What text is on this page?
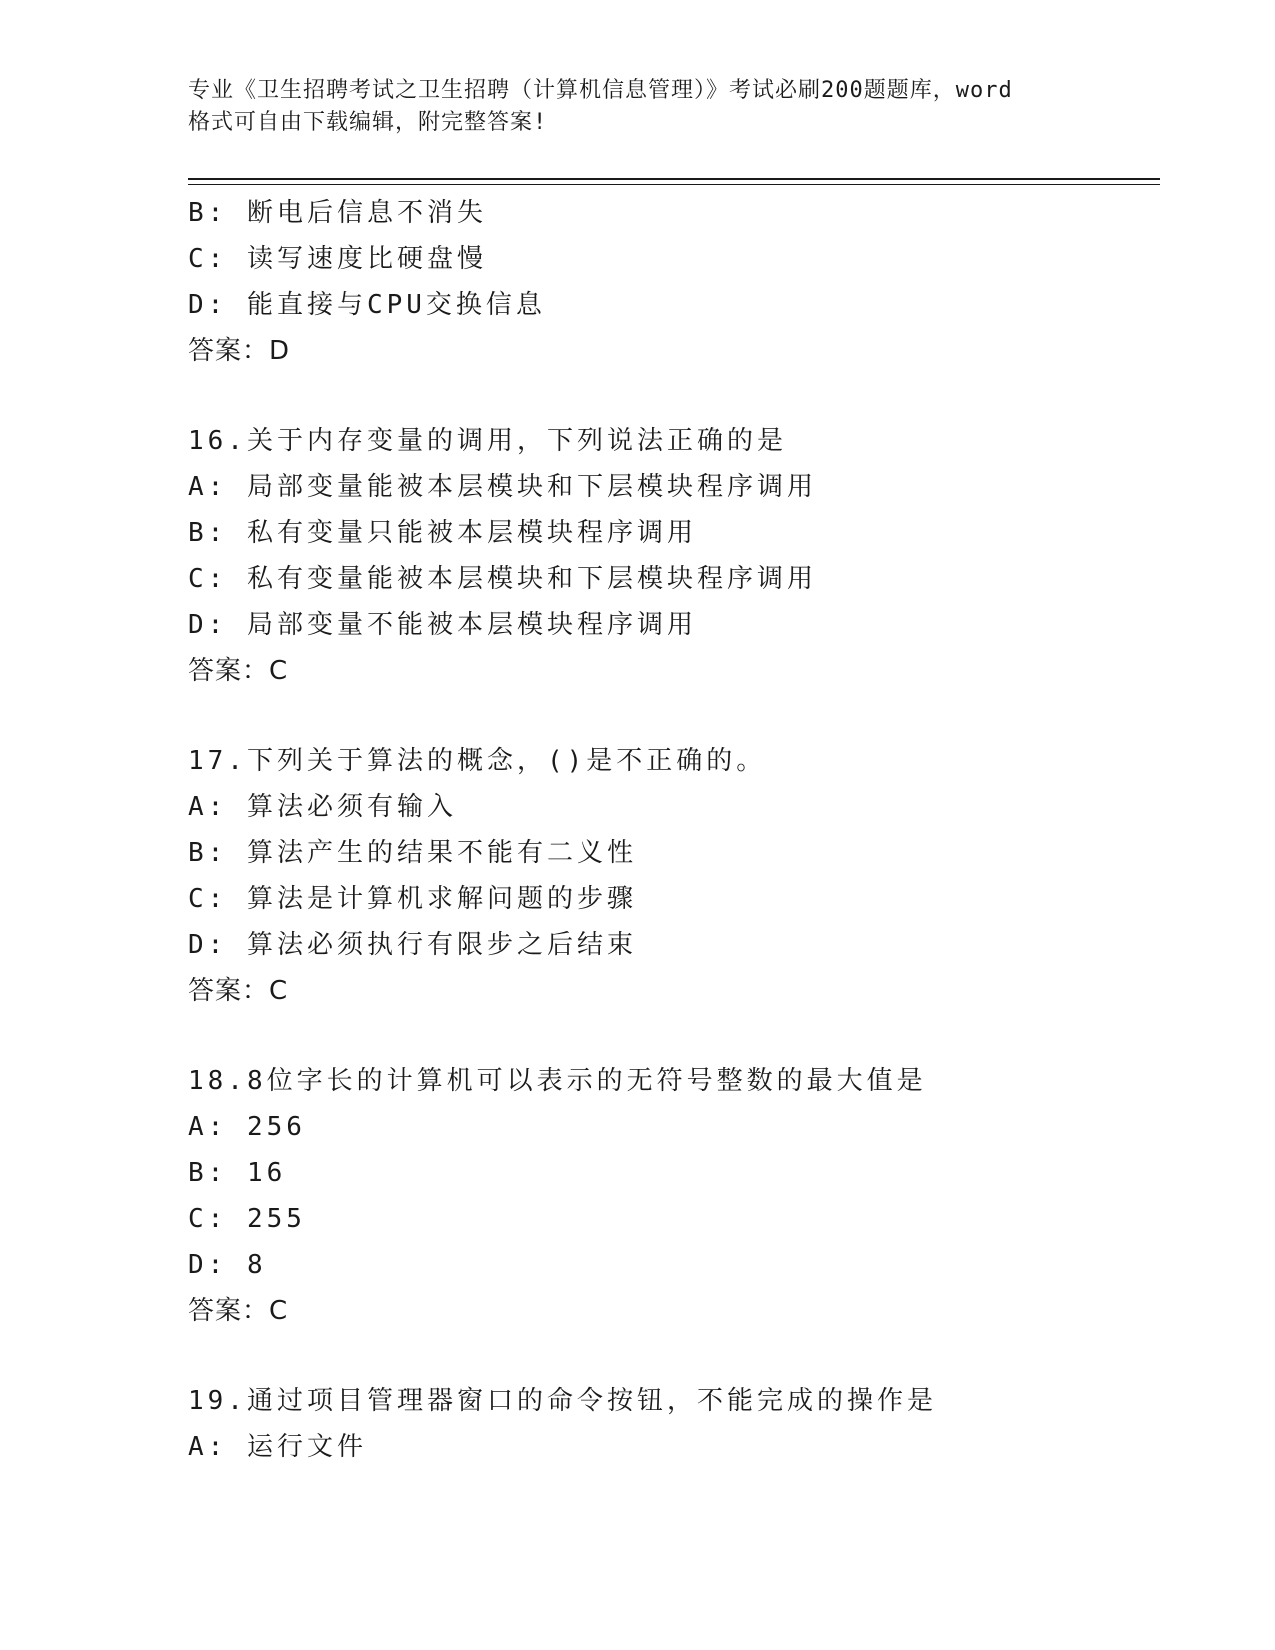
专业《卫生招聘考试之卫生招聘（计算机信息管理）》考试必刷200题题库，word
格式可自由下载编辑，附完整答案!
B: 断电后信息不消失
C: 读写速度比硬盘慢
D: 能直接与CPU交换信息
答案：D
16.关于内存变量的调用，下列说法正确的是
A: 局部变量能被本层模块和下层模块程序调用
B: 私有变量只能被本层模块程序调用
C: 私有变量能被本层模块和下层模块程序调用
D: 局部变量不能被本层模块程序调用
答案：C
17.下列关于算法的概念，()是不正确的。
A: 算法必须有输入
B: 算法产生的结果不能有二义性
C: 算法是计算机求解问题的步骤
D: 算法必须执行有限步之后结束
答案：C
18.8位字长的计算机可以表示的无符号整数的最大值是
A: 256
B: 16
C: 255
D: 8
答案：C
19.通过项目管理器窗口的命令按钮，不能完成的操作是
A: 运行文件
